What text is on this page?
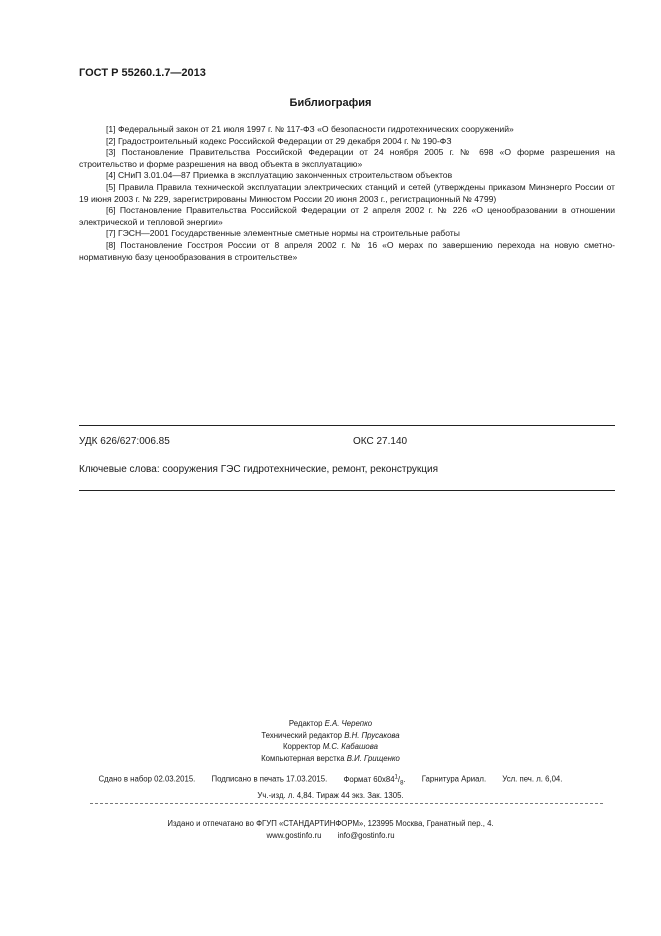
ГОСТ Р 55260.1.7—2013
Библиография

[1] Федеральный закон от 21 июля 1997 г. № 117-ФЗ «О безопасности гидротехнических сооружений»

[2] Градостроительный кодекс Российской Федерации от 29 декабря 2004 г. № 190-ФЗ

[3] Постановление Правительства Российской Федерации от 24 ноября 2005 г. № 698 «О форме разрешения на строительство и форме разрешения на ввод объекта в эксплуатацию»

[4] СНиП 3.01.04—87 Приемка в эксплуатацию законченных строительством объектов

[5] Правила Правила технической эксплуатации электрических станций и сетей (утверждены приказом Минэнерго России от 19 июня 2003 г. № 229, зарегистрированы Минюстом России 20 июня 2003 г., регистрационный № 4799)

[6] Постановление Правительства Российской Федерации от 2 апреля 2002 г. № 226 «О ценообразовании в отношении электрической и тепловой энергии»

[7] ГЭСН—2001 Государственные элементные сметные нормы на строительные работы

[8] Постановление Госстроя России от 8 апреля 2002 г. № 16 «О мерах по завершению перехода на новую сметно-нормативную базу ценообразования в строительстве»

УДК 626/627:006.85	ОКС 27.140
Ключевые слова: сооружения ГЭС гидротехнические, ремонт, реконструкция
Редактор Е.А. Черепко
Технический редактор В.Н. Прусакова
Корректор М.С. Кабашова
Компьютерная верстка В.И. Грищенко
Сдано в набор 02.03.2015. Подписано в печать 17.03.2015. Формат $60x84^1/_8$. Гарнитура Ариал. Усл. печ. л. 6,04.
Уч.-изд. л. 4,84. Тираж 44 экз. Зак. 1305.
Издано и отпечатано во ФГУП «СТАНДАРТИНФОРМ», 123995 Москва, Гранатный пер., 4.
www.gostinfo.ru info@gostinfo.ru
